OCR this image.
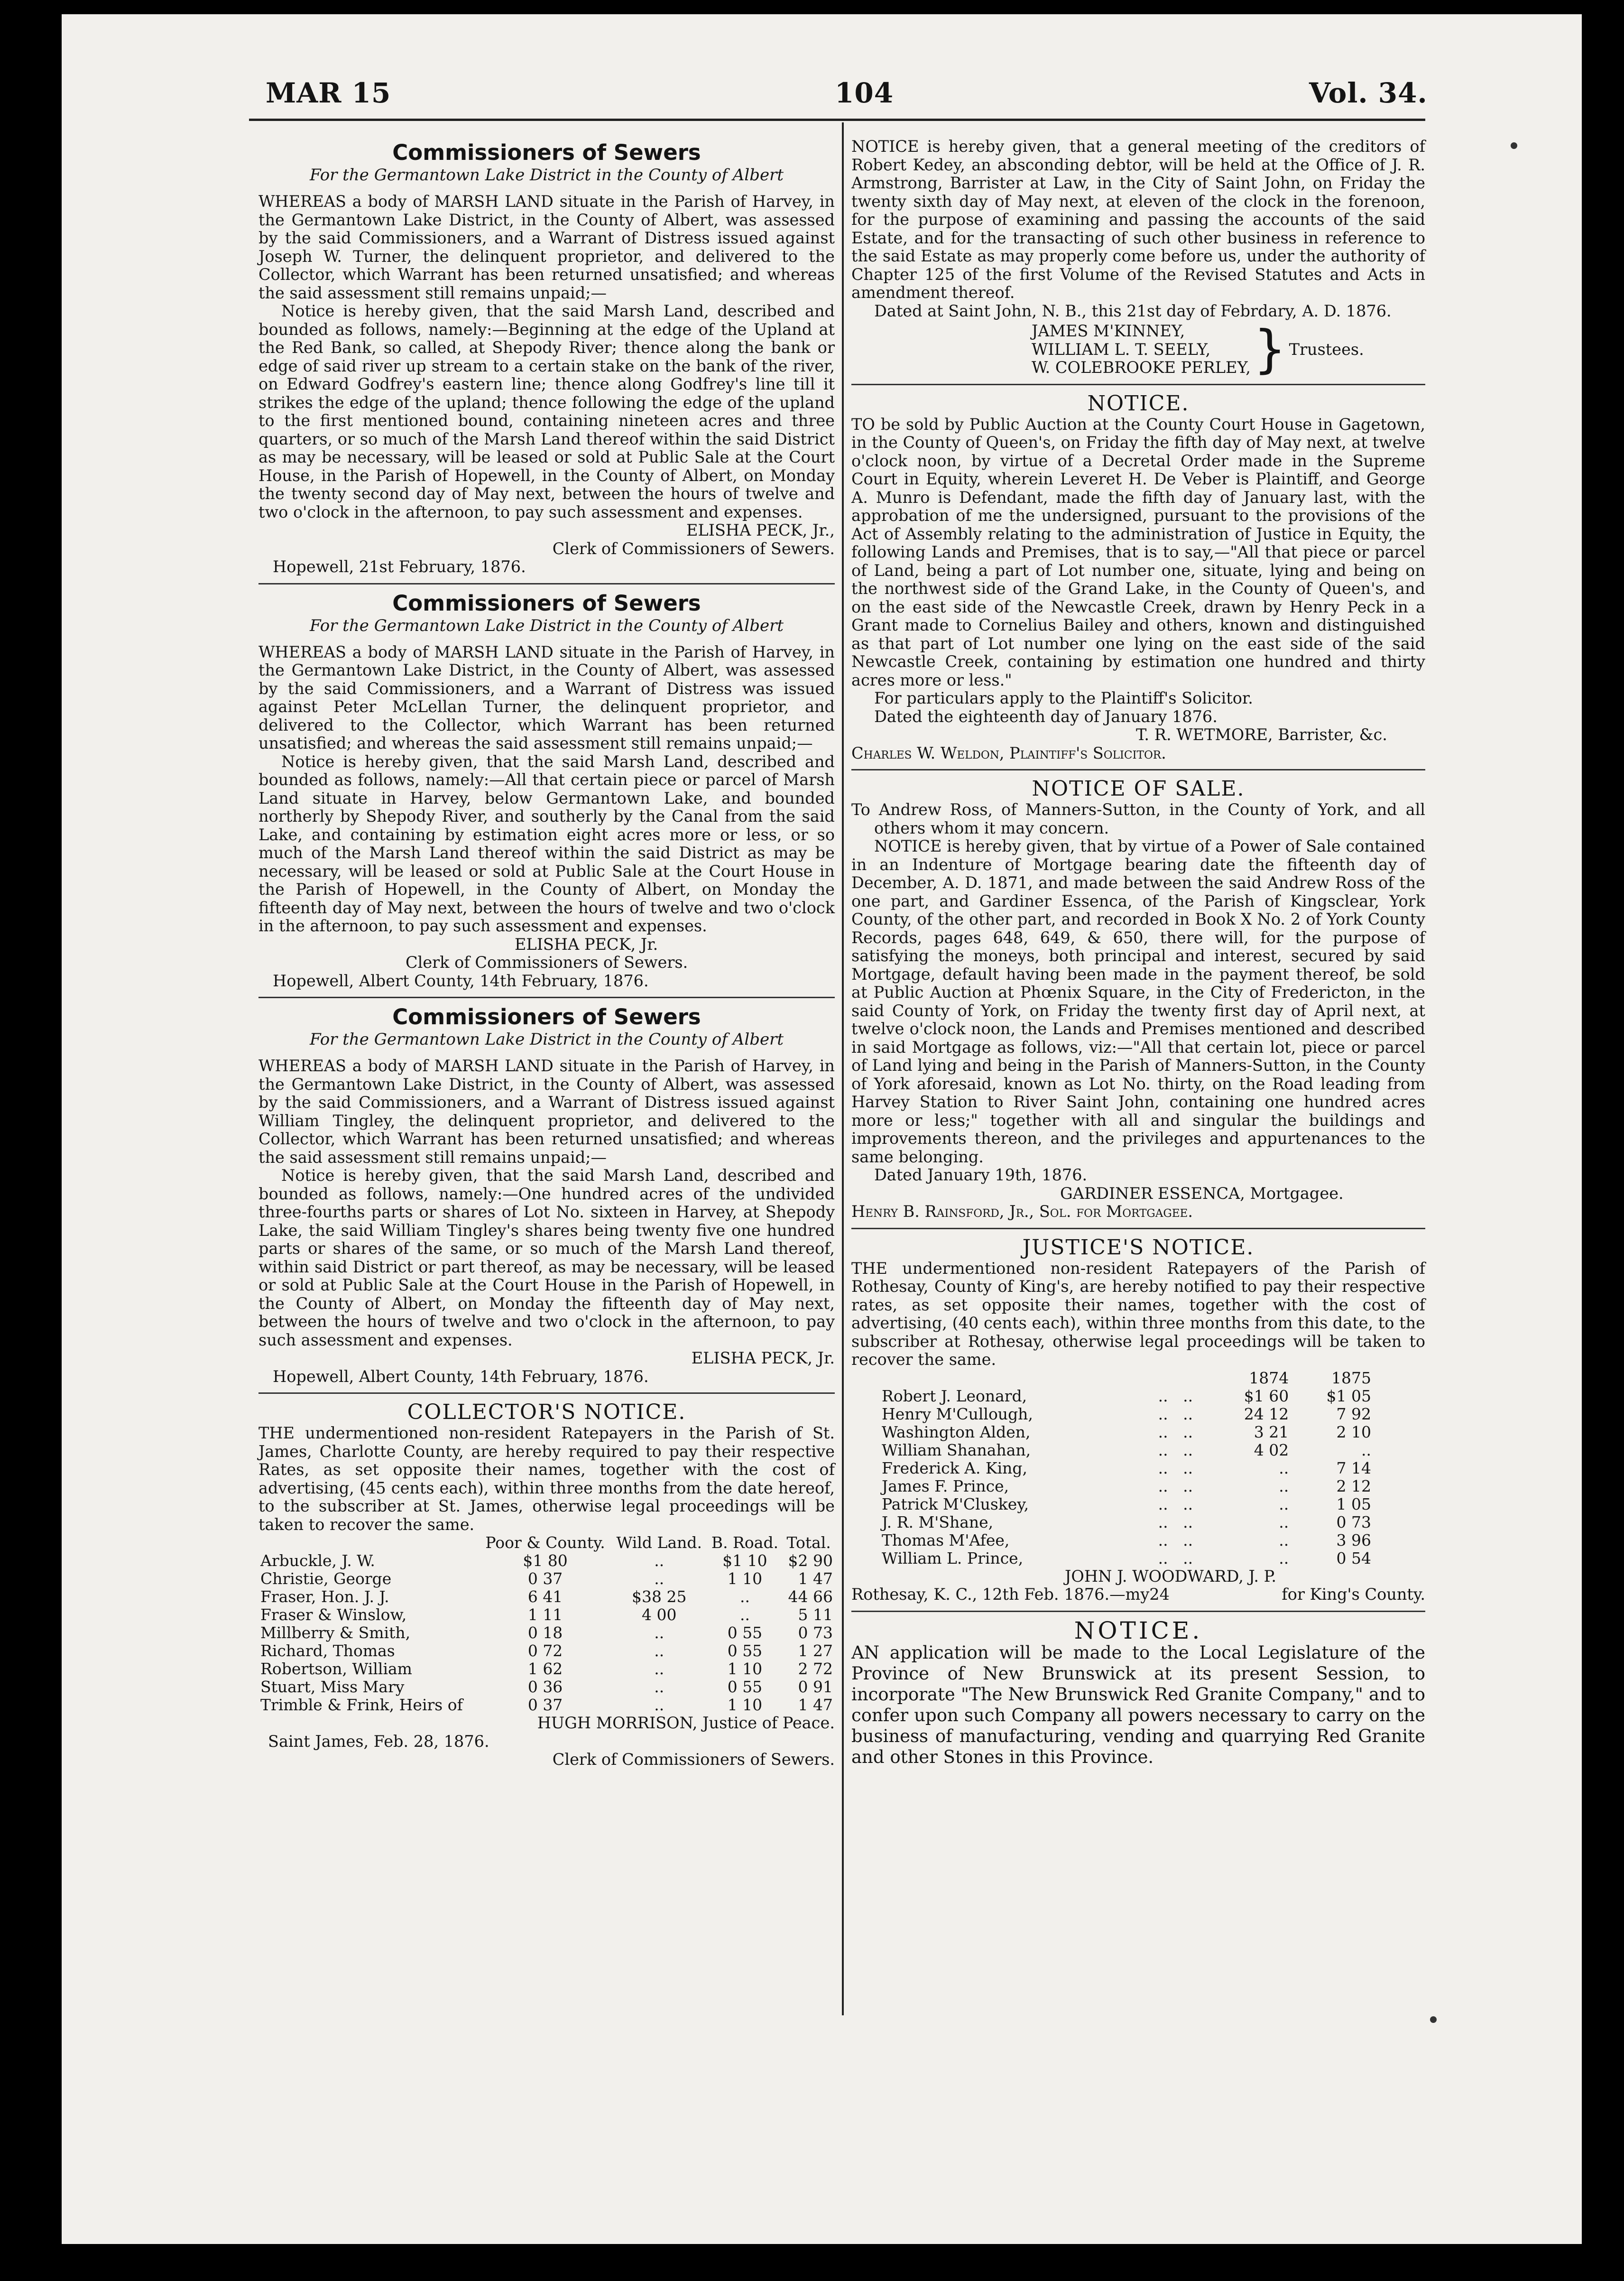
MAR 15	104	Vol. 34.
Commissioners of Sewers
For the Germantown Lake District in the County of Albert

WHEREAS a body of MARSH LAND situate in the Parish of Harvey, in the Germantown Lake District, in the County of Albert, was assessed by the said Commissioners, and a Warrant of Distress issued against Joseph W. Turner, the delinquent proprietor, and delivered to the Collector, which Warrant has been returned unsatisfied; and whereas the said assessment still remains unpaid;—

Notice is hereby given, that the said Marsh Land, described and bounded as follows, namely:—Beginning at the edge of the Upland at the Red Bank, so called, at Shepody River; thence along the bank or edge of said river up stream to a certain stake on the bank of the river, on Edward Godfrey's eastern line; thence along Godfrey's line till it strikes the edge of the upland; thence following the edge of the upland to the first mentioned bound, containing nineteen acres and three quarters, or so much of the Marsh Land thereof within the said District as may be necessary, will be leased or sold at Public Sale at the Court House, in the Parish of Hopewell, in the County of Albert, on Monday the twenty second day of May next, between the hours of twelve and two o'clock in the afternoon, to pay such assessment and expenses.

ELISHA PECK, Jr.,
Clerk of Commissioners of Sewers.
Hopewell, 21st February, 1876.
Commissioners of Sewers
For the Germantown Lake District in the County of Albert

WHEREAS a body of MARSH LAND situate in the Parish of Harvey, in the Germantown Lake District, in the County of Albert, was assessed by the said Commissioners, and a Warrant of Distress was issued against Peter McLellan Turner, the delinquent proprietor, and delivered to the Collector, which Warrant has been returned unsatisfied; and whereas the said assessment still remains unpaid;—

Notice is hereby given, that the said Marsh Land, described and bounded as follows, namely:—All that certain piece or parcel of Marsh Land situate in Harvey, below Germantown Lake, and bounded northerly by Shepody River, and southerly by the Canal from the said Lake, and containing by estimation eight acres more or less, or so much of the Marsh Land thereof within the said District as may be necessary, will be leased or sold at Public Sale at the Court House in the Parish of Hopewell, in the County of Albert, on Monday the fifteenth day of May next, between the hours of twelve and two o'clock in the afternoon, to pay such assessment and expenses.

ELISHA PECK, Jr.
Clerk of Commissioners of Sewers.
Hopewell, Albert County, 14th February, 1876.
Commissioners of Sewers
For the Germantown Lake District in the County of Albert

WHEREAS a body of MARSH LAND situate in the Parish of Harvey, in the Germantown Lake District, in the County of Albert, was assessed by the said Commissioners, and a Warrant of Distress issued against William Tingley, the delinquent proprietor, and delivered to the Collector, which Warrant has been returned unsatisfied; and whereas the said assessment still remains unpaid;—

Notice is hereby given, that the said Marsh Land, described and bounded as follows, namely:—One hundred acres of the undivided three-fourths parts or shares of Lot No. sixteen in Harvey, at Shepody Lake, the said William Tingley's shares being twenty five one hundred parts or shares of the same, or so much of the Marsh Land thereof, within said District or part thereof, as may be necessary, will be leased or sold at Public Sale at the Court House in the Parish of Hopewell, in the County of Albert, on Monday the fifteenth day of May next, between the hours of twelve and two o'clock in the afternoon, to pay such assessment and expenses.

ELISHA PECK, Jr.
Hopewell, Albert County, 14th February, 1876.
COLLECTOR'S NOTICE.

THE undermentioned non-resident Ratepayers in the Parish of St. James, Charlotte County, are hereby required to pay their respective Rates, as set opposite their names, together with the cost of advertising, (45 cents each), within three months from the date hereof, to the subscriber at St. James, otherwise legal proceedings will be taken to recover the same.

	Poor & County.	Wild Land.	B. Road.	Total.
Arbuckle, J. W.	$1 80	..	$1 10	$2 90
Christie, George	0 37	..	1 10	1 47
Fraser, Hon. J. J.	6 41	$38 25	..	44 66
Fraser & Winslow,	1 11	4 00	..	5 11
Millberry & Smith,	0 18	..	0 55	0 73
Richard, Thomas	0 72	..	0 55	1 27
Robertson, William	1 62	..	1 10	2 72
Stuart, Miss Mary	0 36	..	0 55	0 91
Trimble & Frink, Heirs of	0 37	..	1 10	1 47
HUGH MORRISON, Justice of Peace.
Saint James, Feb. 28, 1876.
Clerk of Commissioners of Sewers.

NOTICE is hereby given, that a general meeting of the creditors of Robert Kedey, an absconding debtor, will be held at the Office of J. R. Armstrong, Barrister at Law, in the City of Saint John, on Friday the twenty sixth day of May next, at eleven of the clock in the forenoon, for the purpose of examining and passing the accounts of the said Estate, and for the transacting of such other business in reference to the said Estate as may properly come before us, under the authority of Chapter 125 of the first Volume of the Revised Statutes and Acts in amendment thereof.

Dated at Saint John, N. B., this 21st day of Febrdary, A. D. 1876.

JAMES M'KINNEY,
WILLIAM L. T. SEELY,
W. COLEBROOKE PERLEY, } Trustees.
NOTICE.

TO be sold by Public Auction at the County Court House in Gagetown, in the County of Queen's, on Friday the fifth day of May next, at twelve o'clock noon, by virtue of a Decretal Order made in the Supreme Court in Equity, wherein Leveret H. De Veber is Plaintiff, and George A. Munro is Defendant, made the fifth day of January last, with the approbation of me the undersigned, pursuant to the provisions of the Act of Assembly relating to the administration of Justice in Equity, the following Lands and Premises, that is to say,—"All that piece or parcel of Land, being a part of Lot number one, situate, lying and being on the northwest side of the Grand Lake, in the County of Queen's, and on the east side of the Newcastle Creek, drawn by Henry Peck in a Grant made to Cornelius Bailey and others, known and distinguished as that part of Lot number one lying on the east side of the said Newcastle Creek, containing by estimation one hundred and thirty acres more or less."

For particulars apply to the Plaintiff's Solicitor.

Dated the eighteenth day of January 1876.

T. R. WETMORE, Barrister, &c.
Charles W. Weldon, Plaintiff's Solicitor.
NOTICE OF SALE.

To Andrew Ross, of Manners-Sutton, in the County of York, and all others whom it may concern.

NOTICE is hereby given, that by virtue of a Power of Sale contained in an Indenture of Mortgage bearing date the fifteenth day of December, A. D. 1871, and made between the said Andrew Ross of the one part, and Gardiner Essenca, of the Parish of Kingsclear, York County, of the other part, and recorded in Book X No. 2 of York County Records, pages 648, 649, & 650, there will, for the purpose of satisfying the moneys, both principal and interest, secured by said Mortgage, default having been made in the payment thereof, be sold at Public Auction at Phœnix Square, in the City of Fredericton, in the said County of York, on Friday the twenty first day of April next, at twelve o'clock noon, the Lands and Premises mentioned and described in said Mortgage as follows, viz:—"All that certain lot, piece or parcel of Land lying and being in the Parish of Manners-Sutton, in the County of York aforesaid, known as Lot No. thirty, on the Road leading from Harvey Station to River Saint John, containing one hundred acres more or less;" together with all and singular the buildings and improvements thereon, and the privileges and appurtenances to the same belonging.

Dated January 19th, 1876.

GARDINER ESSENCA, Mortgagee.
Henry B. Rainsford, Jr., Sol. for Mortgagee.
JUSTICE'S NOTICE.

THE undermentioned non-resident Ratepayers of the Parish of Rothesay, County of King's, are hereby notified to pay their respective rates, as set opposite their names, together with the cost of advertising, (40 cents each), within three months from this date, to the subscriber at Rothesay, otherwise legal proceedings will be taken to recover the same.

		1874	1875
Robert J. Leonard,	..   ..	$1 60	$1 05
Henry M'Cullough,	..   ..	24 12	7 92
Washington Alden,	..   ..	3 21	2 10
William Shanahan,	..   ..	4 02	..
Frederick A. King,	..   ..	..	7 14
James F. Prince,	..   ..	..	2 12
Patrick M'Cluskey,	..   ..	..	1 05
J. R. M'Shane,	..   ..	..	0 73
Thomas M'Afee,	..   ..	..	3 96
William L. Prince,	..   ..	..	0 54
JOHN J. WOODWARD, J. P.
Rothesay, K. C., 12th Feb. 1876.—my24	for King's County.
NOTICE.

AN application will be made to the Local Legislature of the Province of New Brunswick at its present Session, to incorporate "The New Brunswick Red Granite Company," and to confer upon such Company all powers necessary to carry on the business of manufacturing, vending and quarrying Red Granite and other Stones in this Province.
